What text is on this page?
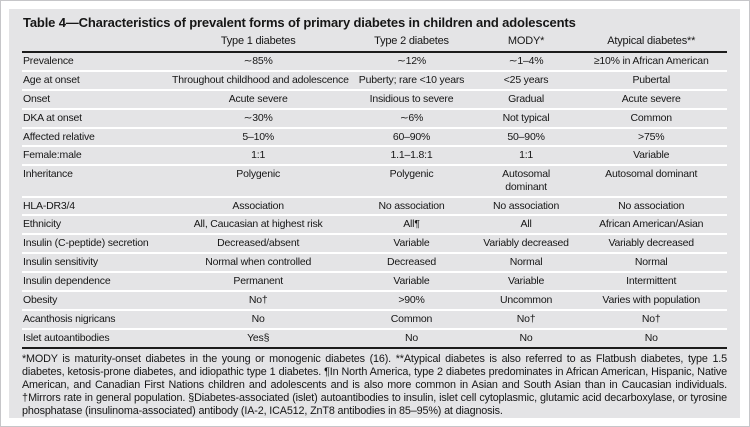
Table 4—Characteristics of prevalent forms of primary diabetes in children and adolescents
	Type 1 diabetes	Type 2 diabetes	MODY*	Atypical diabetes**
Prevalence	∼85%	∼12%	∼1–4%	≥10% in African American
Age at onset	Throughout childhood and adolescence	Puberty; rare <10 years	<25 years	Pubertal
Onset	Acute severe	Insidious to severe	Gradual	Acute severe
DKA at onset	∼30%	∼6%	Not typical	Common
Affected relative	5–10%	60–90%	50–90%	>75%
Female:male	1:1	1.1–1.8:1	1:1	Variable
Inheritance	Polygenic	Polygenic	Autosomal dominant	Autosomal dominant
HLA-DR3/4	Association	No association	No association	No association
Ethnicity	All, Caucasian at highest risk	All¶	All	African American/Asian
Insulin (C-peptide) secretion	Decreased/absent	Variable	Variably decreased	Variably decreased
Insulin sensitivity	Normal when controlled	Decreased	Normal	Normal
Insulin dependence	Permanent	Variable	Variable	Intermittent
Obesity	No†	>90%	Uncommon	Varies with population
Acanthosis nigricans	No	Common	No†	No†
Islet autoantibodies	Yes§	No	No	No
*MODY is maturity-onset diabetes in the young or monogenic diabetes (16). **Atypical diabetes is also referred to as Flatbush diabetes, type 1.5 diabetes, ketosis-prone diabetes, and idiopathic type 1 diabetes. ¶In North America, type 2 diabetes predominates in African American, Hispanic, Native American, and Canadian First Nations children and adolescents and is also more common in Asian and South Asian than in Caucasian individuals. †Mirrors rate in general population. §Diabetes-associated (islet) autoantibodies to insulin, islet cell cytoplasmic, glutamic acid decarboxylase, or tyrosine phosphatase (insulinoma-associated) antibody (IA-2, ICA512, ZnT8 antibodies in 85–95%) at diagnosis.
